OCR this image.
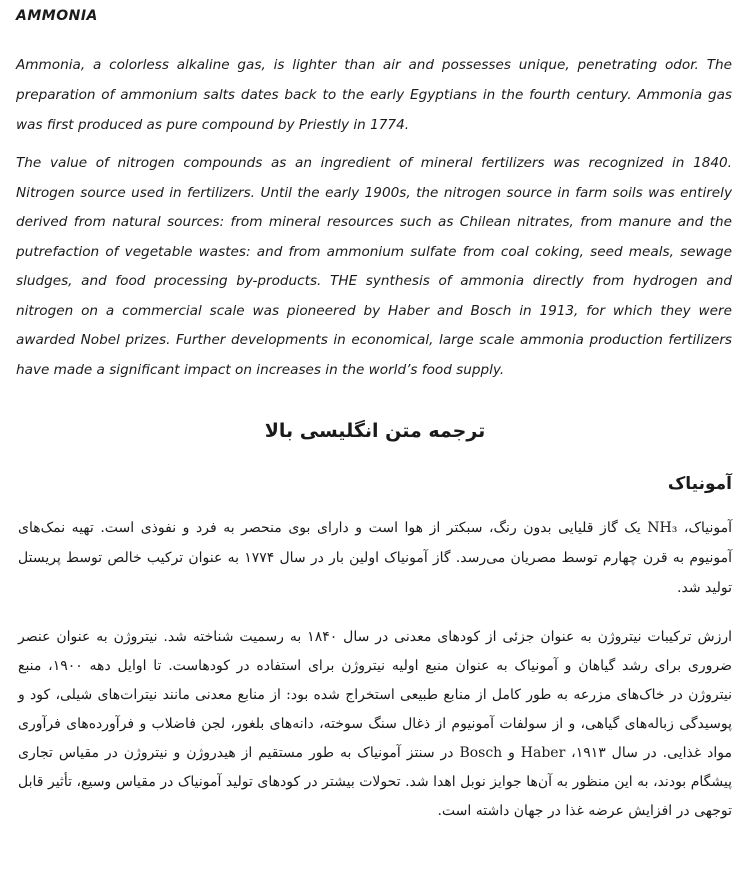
AMMONIA

Ammonia, a colorless alkaline gas, is lighter than air and possesses unique, penetrating odor. The preparation of ammonium salts dates back to the early Egyptians in the fourth century. Ammonia gas was first produced as pure compound by Priestly in 1774.

The value of nitrogen compounds as an ingredient of mineral fertilizers was recognized in 1840. Nitrogen source used in fertilizers. Until the early 1900s, the nitrogen source in farm soils was entirely derived from natural sources: from mineral resources such as Chilean nitrates, from manure and the putrefaction of vegetable wastes: and from ammonium sulfate from coal coking, seed meals, sewage sludges, and food processing by-products. THE synthesis of ammonia directly from hydrogen and nitrogen on a commercial scale was pioneered by Haber and Bosch in 1913, for which they were awarded Nobel prizes. Further developments in economical, large scale ammonia production fertilizers have made a significant impact on increases in the world’s food supply.

ترجمه متن انگلیسی بالا
آمونیاک

آمونیاک، NH₃ یک گاز قلیایی بدون رنگ، سبکتر از هوا است و دارای بوی منحصر به فرد و نفوذی است. تهیه نمک‌های آمونیوم به قرن چهارم توسط مصریان می‌رسد. گاز آمونیاک اولین بار در سال ۱۷۷۴ به عنوان ترکیب خالص توسط پریستل تولید شد.

ارزش ترکیبات نیتروژن به عنوان جزئی از کودهای معدنی در سال ۱۸۴۰ به رسمیت شناخته شد. نیتروژن به عنوان عنصر ضروری برای رشد گیاهان و آمونیاک به عنوان منبع اولیه نیتروژن برای استفاده در کودهاست. تا اوایل دهه ۱۹۰۰، منبع نیتروژن در خاک‌های مزرعه به طور کامل از منابع طبیعی استخراج شده بود: از منابع معدنی مانند نیترات‌های شیلی، کود و پوسیدگی زباله‌های گیاهی، و از سولفات آمونیوم از ذغال سنگ سوخته، دانه‌های بلغور، لجن فاضلاب و فرآورده‌های فرآوری مواد غذایی. در سال ۱۹۱۳، Haber و Bosch در سنتز آمونیاک به طور مستقیم از هیدروژن و نیتروژن در مقیاس تجاری پیشگام بودند، به این منظور به آن‌ها جوایز نوبل اهدا شد. تحولات بیشتر در کودهای تولید آمونیاک در مقیاس وسیع، تأثیر قابل توجهی در افزایش عرضه غذا در جهان داشته است.
